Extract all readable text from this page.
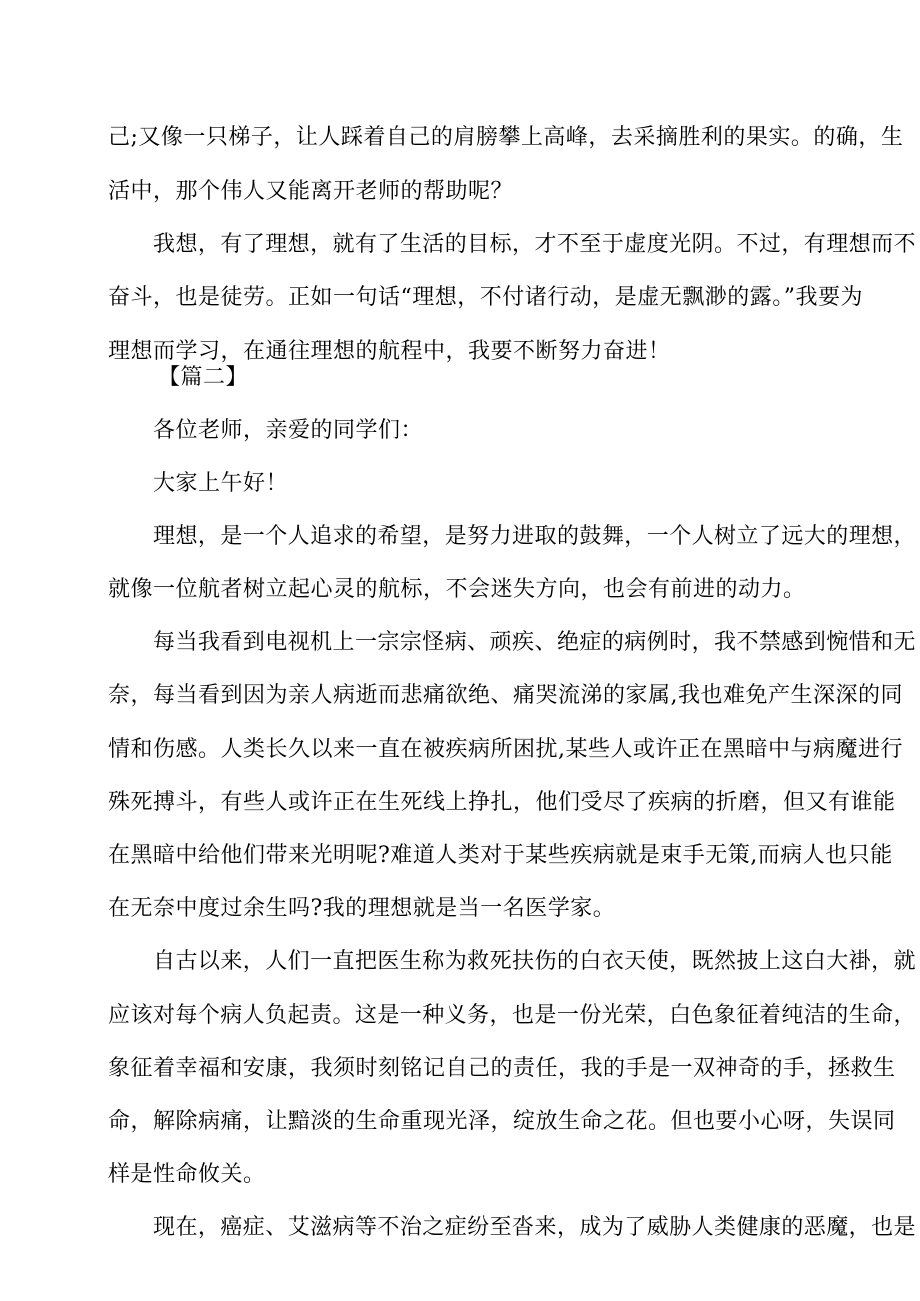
己;又像一只梯子，让人踩着自己的肩膀攀上高峰，去采摘胜利的果实。的确，生
活中，那个伟人又能离开老师的帮助呢？
我想，有了理想，就有了生活的目标，才不至于虚度光阴。不过，有理想而不
奋斗，也是徒劳。正如一句话“理想，不付诸行动，是虚无飘渺的露。”我要为
理想而学习，在通往理想的航程中，我要不断努力奋进！
【篇二】
各位老师，亲爱的同学们：
大家上午好！
理想，是一个人追求的希望，是努力进取的鼓舞，一个人树立了远大的理想，
就像一位航者树立起心灵的航标，不会迷失方向，也会有前进的动力。
每当我看到电视机上一宗宗怪病、顽疾、绝症的病例时，我不禁感到惋惜和无
奈，每当看到因为亲人病逝而悲痛欲绝、痛哭流涕的家属,我也难免产生深深的同
情和伤感。人类长久以来一直在被疾病所困扰,某些人或许正在黑暗中与病魔进行
殊死搏斗，有些人或许正在生死线上挣扎，他们受尽了疾病的折磨，但又有谁能
在黑暗中给他们带来光明呢?难道人类对于某些疾病就是束手无策,而病人也只能
在无奈中度过余生吗?我的理想就是当一名医学家。
自古以来，人们一直把医生称为救死扶伤的白衣天使，既然披上这白大褂，就
应该对每个病人负起责。这是一种义务，也是一份光荣，白色象征着纯洁的生命，
象征着幸福和安康，我须时刻铭记自己的责任，我的手是一双神奇的手，拯救生
命，解除病痛，让黯淡的生命重现光泽，绽放生命之花。但也要小心呀，失误同
样是性命攸关。
现在，癌症、艾滋病等不治之症纷至沓来，成为了威胁人类健康的恶魔，也是
